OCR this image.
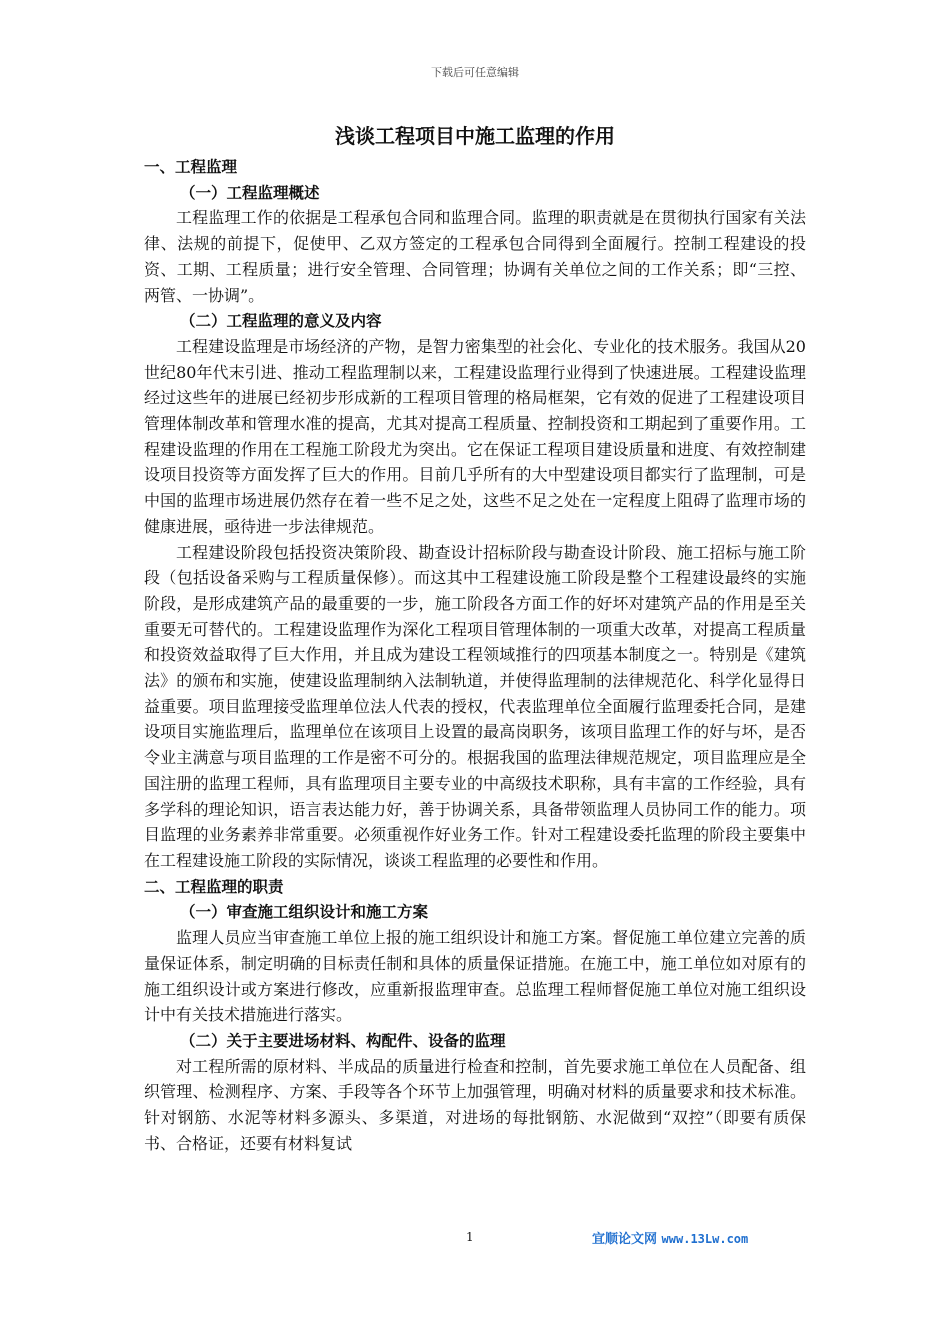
下载后可任意编辑
浅谈工程项目中施工监理的作用
一、工程监理
（一）工程监理概述

工程监理工作的依据是工程承包合同和监理合同。监理的职责就是在贯彻执行国家有关法律、法规的前提下，促使甲、乙双方签定的工程承包合同得到全面履行。控制工程建设的投资、工期、工程质量；进行安全管理、合同管理；协调有关单位之间的工作关系；即“三控、两管、一协调”。

（二）工程监理的意义及内容

工程建设监理是市场经济的产物，是智力密集型的社会化、专业化的技术服务。我国从20世纪80年代末引进、推动工程监理制以来，工程建设监理行业得到了快速进展。工程建设监理经过这些年的进展已经初步形成新的工程项目管理的格局框架，它有效的促进了工程建设项目管理体制改革和管理水准的提高，尤其对提高工程质量、控制投资和工期起到了重要作用。工程建设监理的作用在工程施工阶段尤为突出。它在保证工程项目建设质量和进度、有效控制建设项目投资等方面发挥了巨大的作用。目前几乎所有的大中型建设项目都实行了监理制，可是中国的监理市场进展仍然存在着一些不足之处，这些不足之处在一定程度上阻碍了监理市场的健康进展，亟待进一步法律规范。

工程建设阶段包括投资决策阶段、勘查设计招标阶段与勘查设计阶段、施工招标与施工阶段（包括设备采购与工程质量保修）。而这其中工程建设施工阶段是整个工程建设最终的实施阶段，是形成建筑产品的最重要的一步，施工阶段各方面工作的好坏对建筑产品的作用是至关重要无可替代的。工程建设监理作为深化工程项目管理体制的一项重大改革，对提高工程质量和投资效益取得了巨大作用，并且成为建设工程领域推行的四项基本制度之一。特别是《建筑法》的颁布和实施，使建设监理制纳入法制轨道，并使得监理制的法律规范化、科学化显得日益重要。项目监理接受监理单位法人代表的授权，代表监理单位全面履行监理委托合同，是建设项目实施监理后，监理单位在该项目上设置的最高岗职务，该项目监理工作的好与坏，是否令业主满意与项目监理的工作是密不可分的。根据我国的监理法律规范规定，项目监理应是全国注册的监理工程师，具有监理项目主要专业的中高级技术职称，具有丰富的工作经验，具有多学科的理论知识，语言表达能力好，善于协调关系，具备带领监理人员协同工作的能力。项目监理的业务素养非常重要。必须重视作好业务工作。针对工程建设委托监理的阶段主要集中在工程建设施工阶段的实际情况，谈谈工程监理的必要性和作用。

二、工程监理的职责
（一）审查施工组织设计和施工方案

监理人员应当审查施工单位上报的施工组织设计和施工方案。督促施工单位建立完善的质量保证体系，制定明确的目标责任制和具体的质量保证措施。在施工中，施工单位如对原有的施工组织设计或方案进行修改，应重新报监理审查。总监理工程师督促施工单位对施工组织设计中有关技术措施进行落实。

（二）关于主要进场材料、构配件、设备的监理

对工程所需的原材料、半成品的质量进行检查和控制，首先要求施工单位在人员配备、组织管理、检测程序、方案、手段等各个环节上加强管理，明确对材料的质量要求和技术标准。针对钢筋、水泥等材料多源头、多渠道，对进场的每批钢筋、水泥做到“双控”（即要有质保书、合格证，还要有材料复试

1	宜顺论文网 www.13Lw.com
